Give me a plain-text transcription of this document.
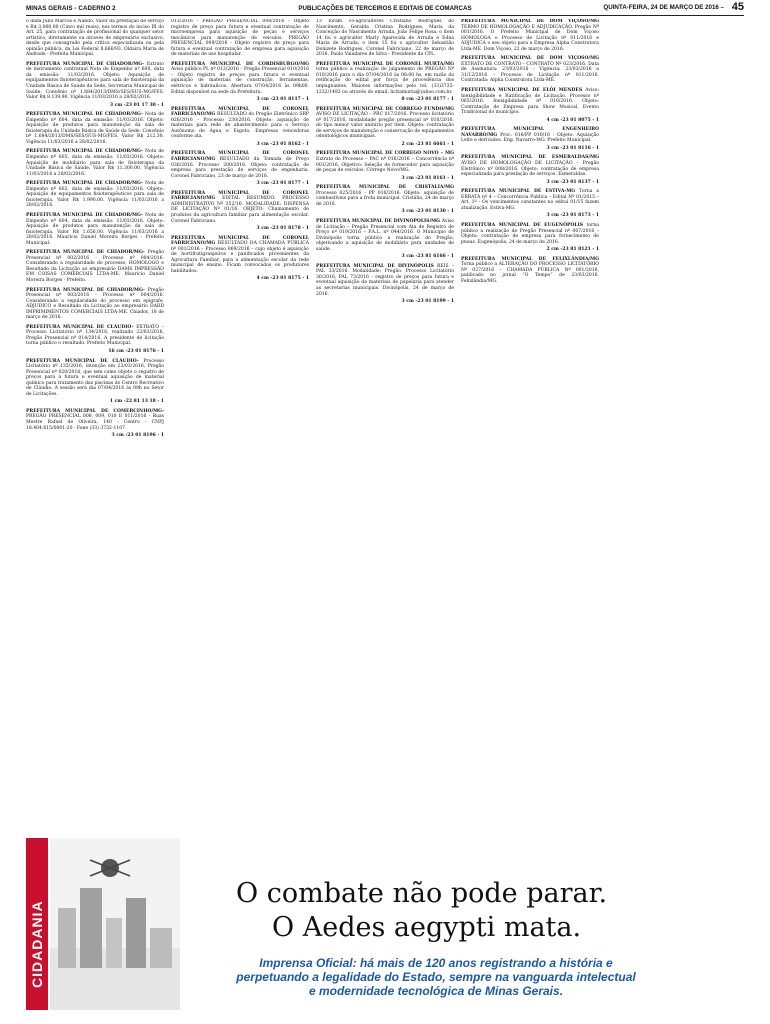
MINAS GERAIS - CADERNO 2	PUBLICAÇÕES DE TERCEIROS E EDITAIS DE COMARCAS	QUINTA-FEIRA, 24 DE MARÇO DE 2016 – 45

o dada Julio Marcos e Nando, Valor da prestação de serviço e R$ 3.000,00 (Cinco mil reais), nos termos do inciso III do Art. 25, para contratação de profissional do qualquer setor artístico, diretamente ou através de empresário exclusivo, desde que consagrado pela crítica especializada ou pela opinião pública, da Lei Federal 8.666/93. Oldaíra Maria de Andrade - Prefeita Municipal.

PREFEITURA MUNICIPAL DE CHIADOR/MG- Extrato de instrumento contratual Nota de Empenho nº 600, data da emissão: 11/03/2016. Objeto: Aquisição de equipamentos fisioterapêuticos para sala de fisioterapia da Unidade Básica de Saúde da Sede, Secretaria Municipal de Saúde. Convênio nº 1.684/2013/DMS/SES/SUS-MG/FES. Valor R$ 8.139,90. Vigência 11/03/2016 a 28/02/2016.
3 cm -23 01 17 30 - 1

PREFEITURA MUNICIPAL DE CHIADOR/MG- Nota de Empenho nº 604, data da emissão: 11/03/2016. Objeto: Aquisição de produtos para manutenção da sala de fisioterapia da Unidade Básica de Saúde da Sede. Convênio nº 1.684/2013/DMS/SES/SUS-MG/FES. Valor R$ 212,30. Vigência 11/03/2016 a 28/02/2016.

PREFEITURA MUNICIPAL DE CHIADOR/MG- Nota de Empenho nº 605, data da emissão: 11/03/2016. Objeto: Aquisição de mobiliário para sala de fisioterapia da Unidade Básica de Saúde. Valor R$ 11.300,00. Vigência 11/03/2016 a 28/02/2016.

PREFEITURA MUNICIPAL DE CHIADOR/MG- Nota de Empenho nº 602, data de emissão: 11/03/2016. Objeto: Aquisição de equipamentos fisioterapêuticos para sala de fisioterapia. Valor R$ 1.990,00. Vigência 11/03/2016 a 28/02/2016.

PREFEITURA MUNICIPAL DE CHIADOR/MG- Nota de Empenho nº 604, data da emissão: 11/03/2016. Objeto: Aquisição de produtos para manutenção da sala de fisioterapia. Valor R$ 1.656,00. Vigência 11/03/2016 a 28/02/2016. Maurício Daniel Moreira Borges - Prefeito Municipal.

PREFEITURA MUNICIPAL DE CHIADOR/MG- Pregão Presencial nº 002/2016 - Processo nº 004/2016. Considerando a regularidade do processo, HOMOLOGO e Resultado da Licitação ao empresário DAMS IMPRESSÃO EM COISAS COMERCIAIS LTDA-ME. Maurício Daniel Moreira Borges - Prefeito.

PREFEITURA MUNICIPAL DE CHIADOR/MG- Pregão Presencial nº 003/2016 - Processo nº 004/2016. Considerando a regularidade do processo em epígrafe, ADJUDICO e Resultado da Licitação ao empresário DARD IMPRIMIMENTOS COMERCIAIS LTDA-ME. Chiador, 18 de março de 2016.

PREFEITURA MUNICIPAL DE CLÁUDIO- EXTRATO – Processo Licitatório nº 134/2016, realizado 22/03/2016, Pregão Presencial nº 014/2016. A presidente de licitação torna público o resultado. Prefeito Municipal.
16 cm -23 01 8176 - 1

PREFEITURA MUNICIPAL DE CLÁUDIO- Processo Licitatório nº 135/2016, intenção em 23/03/2016, Pregão Presencial nº 020/2016, que tem como objeto o registro de preços para a futura e eventual aquisição de material químico para tratamento das piscinas do Centro Recreativo de Cláudio. A sessão será dia 07/04/2016 às 09h no Setor de Licitações.
1 cm -22 81 13 18 - 1

PREFEITURA MUNICIPAL DE COMERCINHO/MG- PREGÃO PRESENCIAL 008, 009, 010 E 011/2016 - Ruas Mestre Rafael de Oliveira, 140 - Centro - CNPJ 18.404.615/0001-20 - Fone (33) 3732-1107.
3 cm -23 01 8196 - 1

013/2016 - PREGÃO PRESENCIAL 008/2016 - Objeto registro de preço para futura e eventual contratação de microempresa para aquisição de peças e serviços mecânicos para manutenção de veículos. PREGÃO PRESENCIAL 009/2016 - Objeto registro de preço para futura e eventual contratação de empresa para aquisição de materiais de uso hospitalar.

PREFEITURA MUNICIPAL DE CORDISBURGO/MG Aviso público PL nº 013/2016 – Pregão Presencial 010/2016 – Objeto registro de preços para futura e eventual aquisição de materiais de construção, ferramentas, elétricos e hidráulicos. Abertura 07/04/2016 às 09h00. Edital disponível na sede da Prefeitura.
3 cm -23 01 8117 - 1

PREFEITURA MUNICIPAL DE CORONEL FABRICIANO/MG RESULTADO do Pregão Eletrônico SRP 026/2016 - Processo 230/2016. Objeto: aquisição de materiais para rede de abastecimento para o Serviço Autônomo de Água e Esgoto. Empresas vencedoras conforme ata.
3 cm -23 01 8162 - 1

PREFEITURA MUNICIPAL DE CORONEL FABRICIANO/MG RESULTADO da Tomada de Preço 036/2016. Processo 200/2016. Objeto: contratação de empresa para prestação de serviços de engenharia. Coronel Fabriciano, 23 de março de 2016.
3 cm -23 01 8177 - 1

PREFEITURA MUNICIPAL DE CORONEL FABRICIANO/MG EDITAL RESUMIDO. PROCESSO ADMINISTRATIVO Nº 352/16. MODALIDADE: DISPENSA DE LICITAÇÃO Nº 01/16. OBJETO: Chamamento de produtos da agricultura familiar para alimentação escolar. Coronel Fabriciano.
3 cm -23 01 8178 - 1

PREFEITURA MUNICIPAL DE CORONEL FABRICIANO/MG RESULTADO DA CHAMADA PÚBLICA nº 001/2016 – Processo 069/2016 – cujo objeto é aquisição de hortifrutigranjeiros e panificados provenientes da Agricultura Familiar, para a alimentação escolar da rede municipal de ensino. Ficam convocados os produtores habilitados.
4 cm -23 01 8175 - 1

13 foram co-agricultores Cristiano Rodrigues do Nascimento, Geralda Cristina Rodrigues, Maria da Conceição do Nascimento Arruda, João Felipe Rosa, o item 14 foi o agricultor Marly Aparecida de Arruda e Edna Maria de Arruda; o item 15 foi o agricultor Sebastião Donizete Rodrigues. Coronel Fabriciano, 22 de março de 2016. Paulo Valadares de Silva - Presidente da CPL.

PREFEITURA MUNICIPAL DE CORONEL MURTA/MG torna público a realização do julgamento de PREGÃO Nº 010/2016 para o dia 07/04/2016 às 08:00 hs, em razão da retificação do edital por força de procedência dos impugnantes. Maiores informações pelo tel. (33)3735-1232/1492 ou através do email: licitamurta@yahoo.com.br.
8 cm -23 01 8177 - 1

PREFEITURA MUNICIPAL DE CORREGO FUNDO/MG AVISO DE LICITAÇÃO – PRC 017/2016. Processo licitatório nº 017/2016, modalidade pregão presencial nº 010/2016, do tipo menor valor unitário por item. Objeto: contratação de serviços de manutenção e conservação de equipamentos odontológicos municipais.
2 cm -23 81 6661 - 1

PREFEITURA MUNICIPAL DE CORREGO NOVO – MG Extrato do Processo – PAC nº 016/2016 – Concorrência nº 001/2016. Objetivo: Seleção de fornecedor para aquisição de peças de veículos. Córrego Novo/MG.
3 cm -23 01 8161 - 1

PREFEITURA MUNICIPAL DE CRISTALIA/MG Processo 025/2016 - PP 016/2016. Objeto: aquisição de combustíveis para a frota municipal. Cristália, 24 de março de 2016.
3 cm -23 01 8130 - 1

PREFEITURA MUNICIPAL DE DIVINOPOLIS/MG Aviso de Licitação – Pregão Presencial com Ata de Registro de Preço nº 019/2016 – P.A.L. nº 044/2016. O Município de Divinópolis torna público a realização do Pregão, objetivando a aquisição de mobiliário para unidades de saúde.
3 cm -23 81 6166 - 1

PREFEITURA MUNICIPAL DE DIVINÓPOLIS REIS – PAL 33/2016. Modalidade: Pregão. Processo Licitatório 36/2016, PAL 73/2016 - registro de preços para futura e eventual aquisição de materiais de papelaria para atender as secretarias municipais. Divinópolis, 24 de março de 2016.
3 cm -23 01 8199 - 1

PREFEITURA MUNICIPAL DE DOM VIÇOSO/MG TERMO DE HOMOLOGAÇÃO E ADJUDICAÇÃO. Pregão Nº 001/2016. O Prefeito Municipal de Dom Viçoso HOMOLOGA o Processo de Licitação nº 011/2016 e ADJUDICA o seu objeto para a Empresa Alpha Construtora Ltda-ME. Dom Viçoso, 22 de março de 2016.

PREFEITURA MUNICIPAL DE DOM VIÇOSO/MG EXTRATO DE CONTRATO - CONTRATO Nº 023/2016. Data de Assinatura: 23/03/2016 - Vigência: 23/03/2016 a 31/12/2016 – Processo de Licitação nº 011/2016. Contratada: Alpha Construtora Ltda-ME.

PREFEITURA MUNICIPAL DE ELÓI MENDES Aviso: Inexigibilidade e Ratificação de Licitação. Processo nº 065/2016. Inexigibilidade nº 010/2016. Objeto: Contratação de Empresa para Show Musical, Evento Tradicional do município.
4 cm -23 01 8075 - 1

PREFEITURA MUNICIPAL ENGENHEIRO NAVARRO/MG Proc. 016/PP 010/16 - Objeto: Aquisição Leite e derivados. Eng. Navarro-MG. Prefeito Municipal.
3 cm -23 01 8116 - 1

PREFEITURA MUNICIPAL DE ESMERALDAS/MG AVISO DE HOMOLOGAÇÃO DE LICITAÇÃO – Pregão Eletrônico nº 008/2016. Objeto: contratação de empresa especializada para prestação de serviços. Esmeraldas.
3 cm -23 01 8137 - 1

PREFEITURA MUNICIPAL DE ESTIVA-MG Torna a ERRATA nº 4 – Concorrência Pública – Edital Nº 01/2015 – Art. 1º - Os vencimentos constantes no edital 01/15 fazem atualização. Estiva-MG.
3 cm -23 01 8173 - 1

PREFEITURA MUNICIPAL DE EUGENÓPOLIS torna público a realização de Pregão Presencial nº 007/2016 – Objeto: contratação de empresa para fornecimento de pneus. Eugenópolis, 24 de março de 2016.
2 cm -23 81 8121 - 1

PREFEITURA MUNICIPAL DE FELIXLÂNDIA/MG Torna público a ALTERAÇÃO DO PROCESSO LICITATÓRIO Nº 027/2016 – CHAMADA PÚBLICA Nº 001/2016, publicado no jornal “O Tempo” de 23/03/2016. Felixlândia/MG.

CIDADANIA
O combate não pode parar.
O Aedes aegypti mata.
Imprensa Oficial: há mais de 120 anos registrando a história e perpetuando a legalidade do Estado, sempre na vanguarda intelectual e modernidade tecnológica de Minas Gerais.
